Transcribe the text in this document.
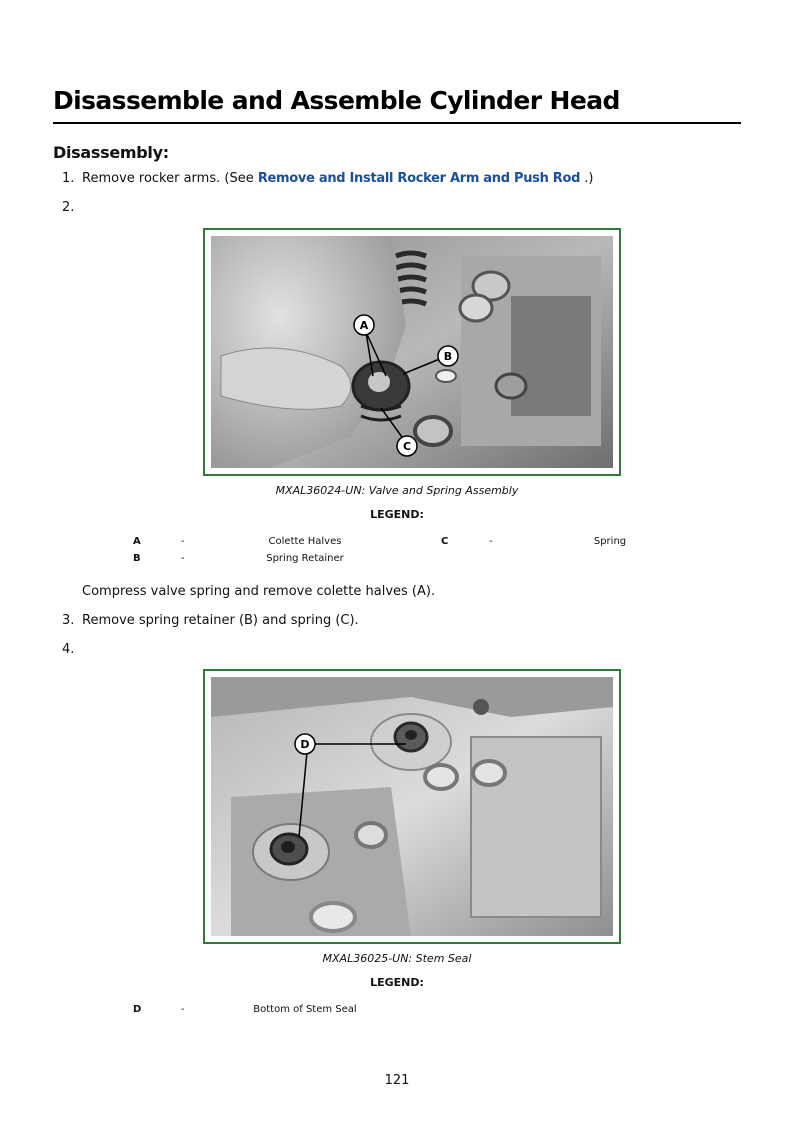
Disassemble and Assemble Cylinder Head
Disassembly:
1. Remove rocker arms. (See Remove and Install Rocker Arm and Push Rod .)
2.
A
B
C
MXAL36024-UN: Valve and Spring Assembly
LEGEND:
A	-	Colette Halves
B	-	Spring Retainer
C	-	Spring
Compress valve spring and remove colette halves (A).
3. Remove spring retainer (B) and spring (C).
4.
D
MXAL36025-UN: Stem Seal
LEGEND:
D	-	Bottom of Stem Seal
121
